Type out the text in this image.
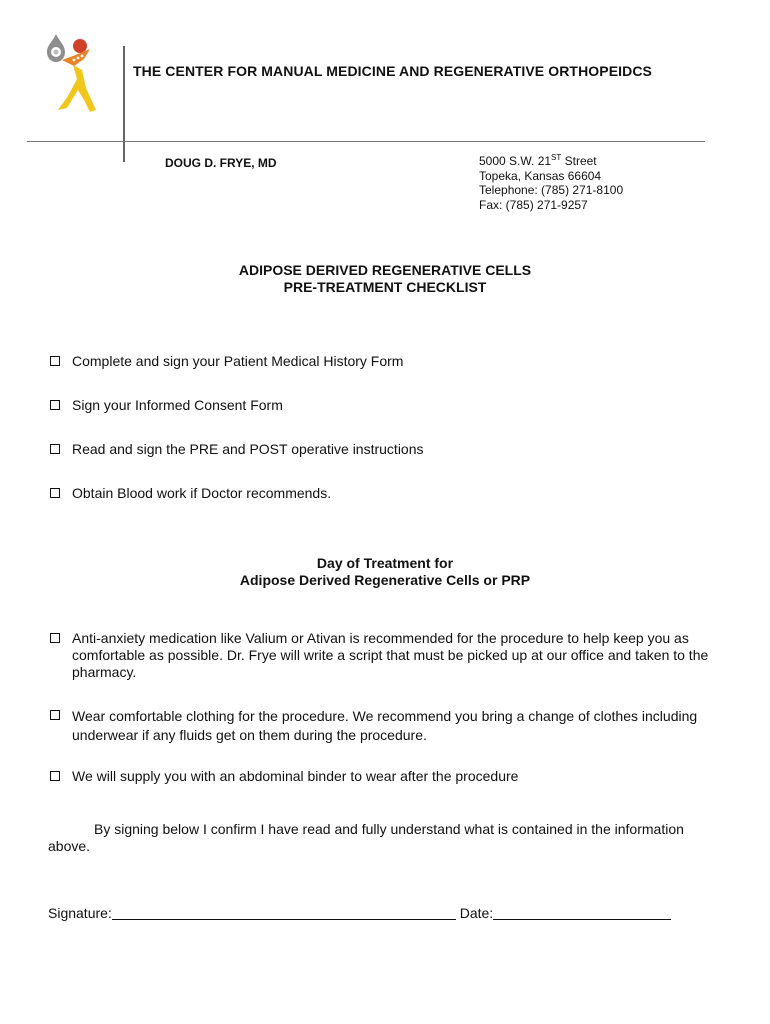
THE CENTER FOR MANUAL MEDICINE AND REGENERATIVE ORTHOPEIDCS
DOUG D. FRYE, MD	5000 S.W. 21ST Street
Topeka, Kansas 66604
Telephone: (785) 271-8100
Fax: (785) 271-9257
ADIPOSE DERIVED REGENERATIVE CELLS
PRE-TREATMENT CHECKLIST
Complete and sign your Patient Medical History Form
Sign your Informed Consent Form
Read and sign the PRE and POST operative instructions
Obtain Blood work if Doctor recommends.
Day of Treatment for
Adipose Derived Regenerative Cells or PRP
Anti-anxiety medication like Valium or Ativan is recommended for the procedure to help keep you as comfortable as possible. Dr. Frye will write a script that must be picked up at our office and taken to the pharmacy.
Wear comfortable clothing for the procedure. We recommend you bring a change of clothes including underwear if any fluids get on them during the procedure.
We will supply you with an abdominal binder to wear after the procedure
By signing below I confirm I have read and fully understand what is contained in the information above.
Signature:	Date:
